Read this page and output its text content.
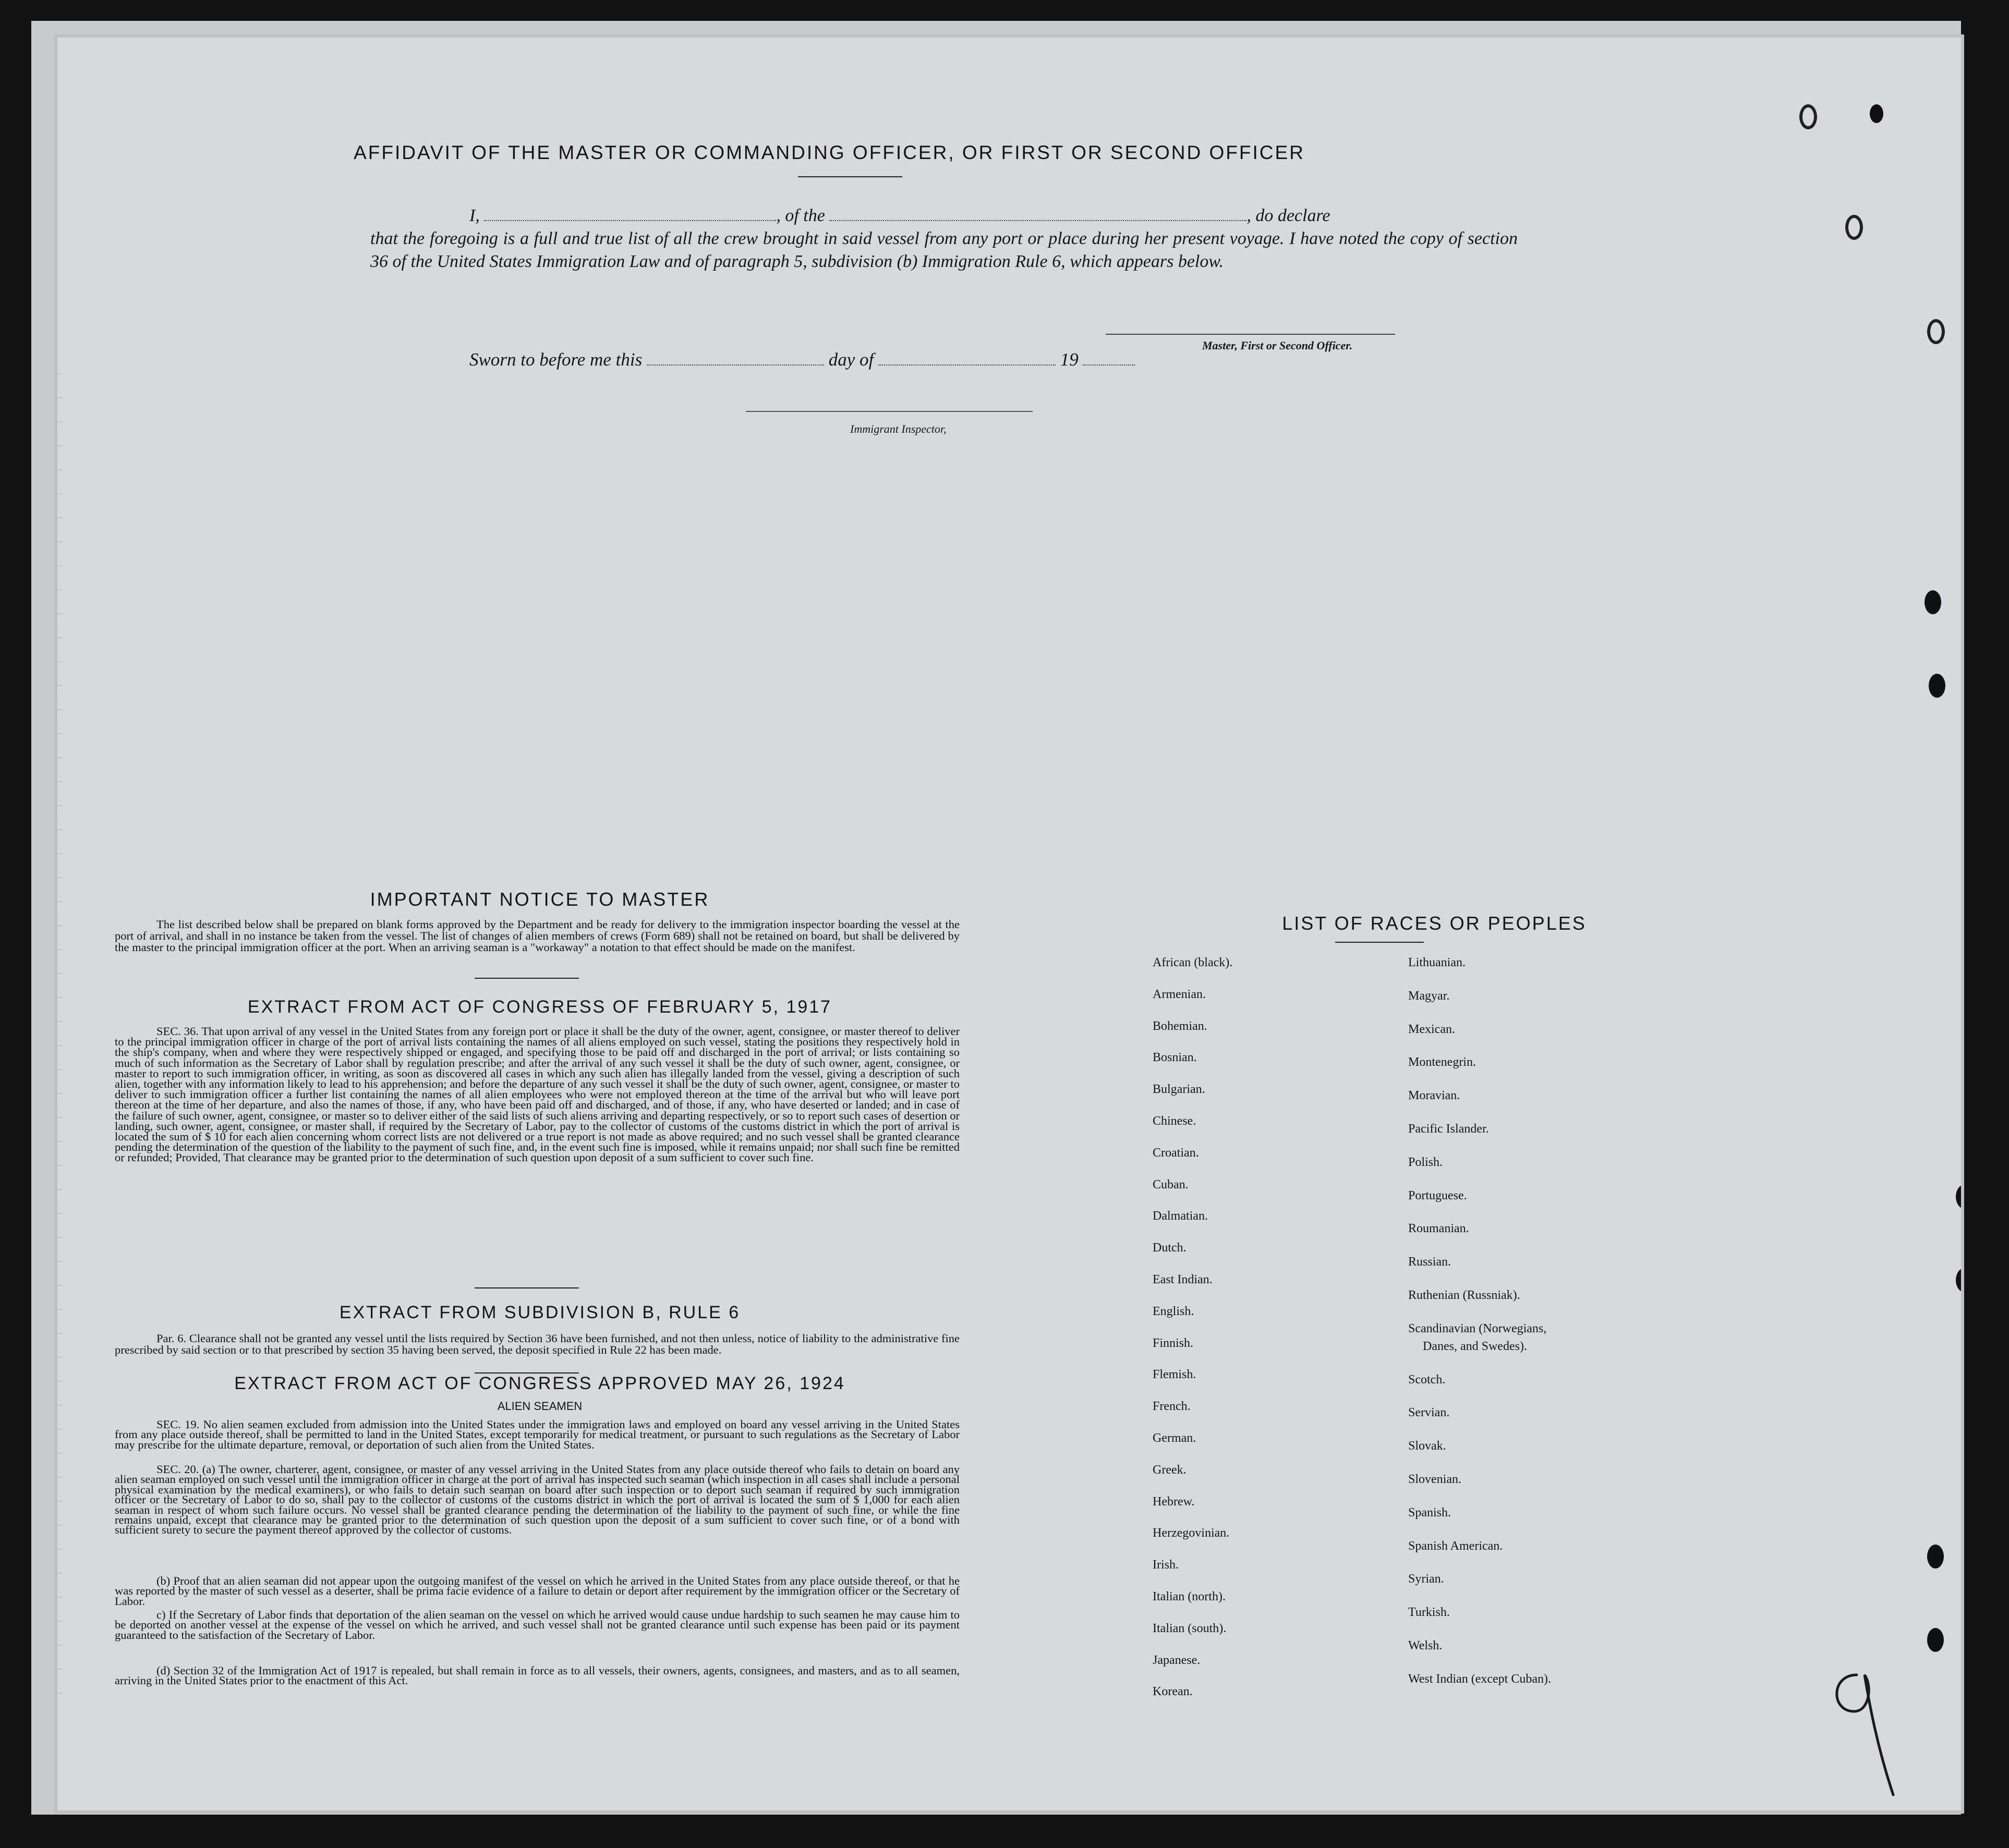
AFFIDAVIT OF THE MASTER OR COMMANDING OFFICER, OR FIRST OR SECOND OFFICER
I,	, of the	, do declare
that the foregoing is a full and true list of all the crew brought in said vessel from any port or place during her present voyage. I have noted the copy of section 36 of the United States Immigration Law and of paragraph 5, subdivision (b) Immigration Rule 6, which appears below.
Master, First or Second Officer.
Sworn to before me this	day of	19
Immigrant Inspector,
IMPORTANT NOTICE TO MASTER

The list described below shall be prepared on blank forms approved by the Department and be ready for delivery to the immigration inspector boarding the vessel at the port of arrival, and shall in no instance be taken from the vessel. The list of changes of alien members of crews (Form 689) shall not be retained on board, but shall be delivered by the master to the principal immigration officer at the port. When an arriving seaman is a "workaway" a notation to that effect should be made on the manifest.

EXTRACT FROM ACT OF CONGRESS OF FEBRUARY 5, 1917

SEC. 36. That upon arrival of any vessel in the United States from any foreign port or place it shall be the duty of the owner, agent, consignee, or master thereof to deliver to the principal immigration officer in charge of the port of arrival lists containing the names of all aliens employed on such vessel, stating the positions they respectively hold in the ship's company, when and where they were respectively shipped or engaged, and specifying those to be paid off and discharged in the port of arrival; or lists containing so much of such information as the Secretary of Labor shall by regulation prescribe; and after the arrival of any such vessel it shall be the duty of such owner, agent, consignee, or master to report to such immigration officer, in writing, as soon as discovered all cases in which any such alien has illegally landed from the vessel, giving a description of such alien, together with any information likely to lead to his apprehension; and before the departure of any such vessel it shall be the duty of such owner, agent, consignee, or master to deliver to such immigration officer a further list containing the names of all alien employees who were not employed thereon at the time of the arrival but who will leave port thereon at the time of her departure, and also the names of those, if any, who have been paid off and discharged, and of those, if any, who have deserted or landed; and in case of the failure of such owner, agent, consignee, or master so to deliver either of the said lists of such aliens arriving and departing respectively, or so to report such cases of desertion or landing, such owner, agent, consignee, or master shall, if required by the Secretary of Labor, pay to the collector of customs of the customs district in which the port of arrival is located the sum of $ 10 for each alien concerning whom correct lists are not delivered or a true report is not made as above required; and no such vessel shall be granted clearance pending the determination of the question of the liability to the payment of such fine, and, in the event such fine is imposed, while it remains unpaid; nor shall such fine be remitted or refunded; Provided, That clearance may be granted prior to the determination of such question upon deposit of a sum sufficient to cover such fine.

EXTRACT FROM SUBDIVISION B, RULE 6

Par. 6. Clearance shall not be granted any vessel until the lists required by Section 36 have been furnished, and not then unless, notice of liability to the administrative fine prescribed by said section or to that prescribed by section 35 having been served, the deposit specified in Rule 22 has been made.

EXTRACT FROM ACT OF CONGRESS APPROVED MAY 26, 1924
ALIEN SEAMEN

SEC. 19. No alien seamen excluded from admission into the United States under the immigration laws and employed on board any vessel arriving in the United States from any place outside thereof, shall be permitted to land in the United States, except temporarily for medical treatment, or pursuant to such regulations as the Secretary of Labor may prescribe for the ultimate departure, removal, or deportation of such alien from the United States.

SEC. 20. (a) The owner, charterer, agent, consignee, or master of any vessel arriving in the United States from any place outside thereof who fails to detain on board any alien seaman employed on such vessel until the immigration officer in charge at the port of arrival has inspected such seaman (which inspection in all cases shall include a personal physical examination by the medical examiners), or who fails to detain such seaman on board after such inspection or to deport such seaman if required by such immigration officer or the Secretary of Labor to do so, shall pay to the collector of customs of the customs district in which the port of arrival is located the sum of $ 1,000 for each alien seaman in respect of whom such failure occurs. No vessel shall be granted clearance pending the determination of the liability to the payment of such fine, or while the fine remains unpaid, except that clearance may be granted prior to the determination of such question upon the deposit of a sum sufficient to cover such fine, or of a bond with sufficient surety to secure the payment thereof approved by the collector of customs.

(b) Proof that an alien seaman did not appear upon the outgoing manifest of the vessel on which he arrived in the United States from any place outside thereof, or that he was reported by the master of such vessel as a deserter, shall be prima facie evidence of a failure to detain or deport after requirement by the immigration officer or the Secretary of Labor.

c) If the Secretary of Labor finds that deportation of the alien seaman on the vessel on which he arrived would cause undue hardship to such seamen he may cause him to be deported on another vessel at the expense of the vessel on which he arrived, and such vessel shall not be granted clearance until such expense has been paid or its payment guaranteed to the satisfaction of the Secretary of Labor.

(d) Section 32 of the Immigration Act of 1917 is repealed, but shall remain in force as to all vessels, their owners, agents, consignees, and masters, and as to all seamen, arriving in the United States prior to the enactment of this Act.

LIST OF RACES OR PEOPLES
African (black).
Armenian.
Bohemian.
Bosnian.
Bulgarian.
Chinese.
Croatian.
Cuban.
Dalmatian.
Dutch.
East Indian.
English.
Finnish.
Flemish.
French.
German.
Greek.
Hebrew.
Herzegovinian.
Irish.
Italian (north).
Italian (south).
Japanese.
Korean.
Lithuanian.
Magyar.
Mexican.
Montenegrin.
Moravian.
Pacific Islander.
Polish.
Portuguese.
Roumanian.
Russian.
Ruthenian (Russniak).
Scandinavian (Norwegians,
Danes, and Swedes).
Scotch.
Servian.
Slovak.
Slovenian.
Spanish.
Spanish American.
Syrian.
Turkish.
Welsh.
West Indian (except Cuban).
